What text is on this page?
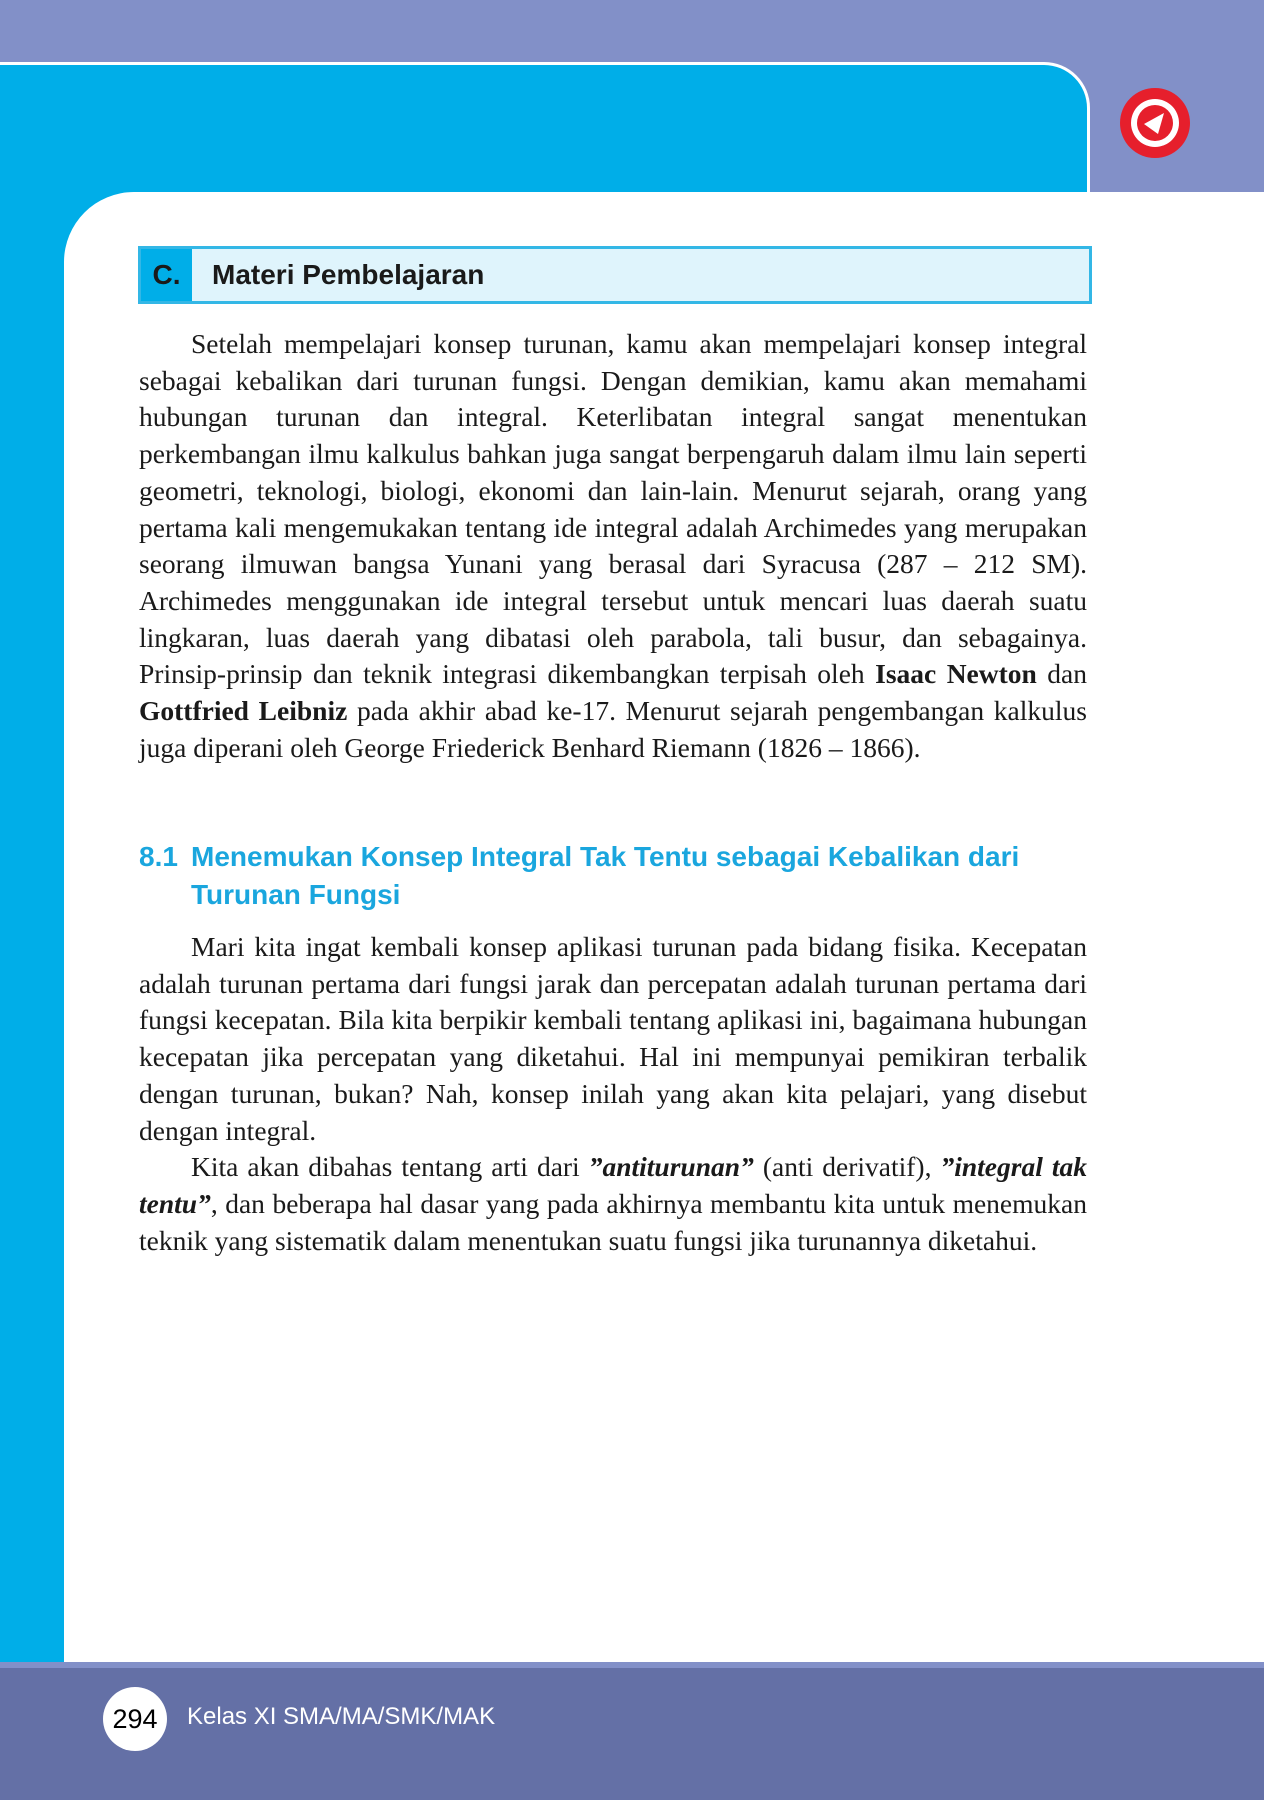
C.	Materi Pembelajaran

Setelah mempelajari konsep turunan, kamu akan mempelajari konsep integral sebagai kebalikan dari turunan fungsi. Dengan demikian, kamu akan memahami hubungan turunan dan integral. Keterlibatan integral sangat menentukan perkembangan ilmu kalkulus bahkan juga sangat berpengaruh dalam ilmu lain seperti geometri, teknologi, biologi, ekonomi dan lain-lain. Menurut sejarah, orang yang pertama kali mengemukakan tentang ide integral adalah Archimedes yang merupakan seorang ilmuwan bangsa Yunani yang berasal dari Syracusa (287 – 212 SM). Archimedes menggunakan ide integral tersebut untuk mencari luas daerah suatu lingkaran, luas daerah yang dibatasi oleh parabola, tali busur, dan sebagainya. Prinsip-prinsip dan teknik integrasi dikembangkan terpisah oleh Isaac Newton dan Gottfried Leibniz pada akhir abad ke-17. Menurut sejarah pengembangan kalkulus juga diperani oleh George Friederick Benhard Riemann (1826 – 1866).

8.1 Menemukan Konsep Integral Tak Tentu sebagai Kebalikan dari
Turunan Fungsi

Mari kita ingat kembali konsep aplikasi turunan pada bidang fisika. Kecepatan adalah turunan pertama dari fungsi jarak dan percepatan adalah turunan pertama dari fungsi kecepatan. Bila kita berpikir kembali tentang aplikasi ini, bagaimana hubungan kecepatan jika percepatan yang diketahui. Hal ini mempunyai pemikiran terbalik dengan turunan, bukan? Nah, konsep inilah yang akan kita pelajari, yang disebut dengan integral.

Kita akan dibahas tentang arti dari ”antiturunan” (anti derivatif), ”integral tak tentu”, dan beberapa hal dasar yang pada akhirnya membantu kita untuk menemukan teknik yang sistematik dalam menentukan suatu fungsi jika turunannya diketahui.

294	Kelas XI SMA/MA/SMK/MAK
